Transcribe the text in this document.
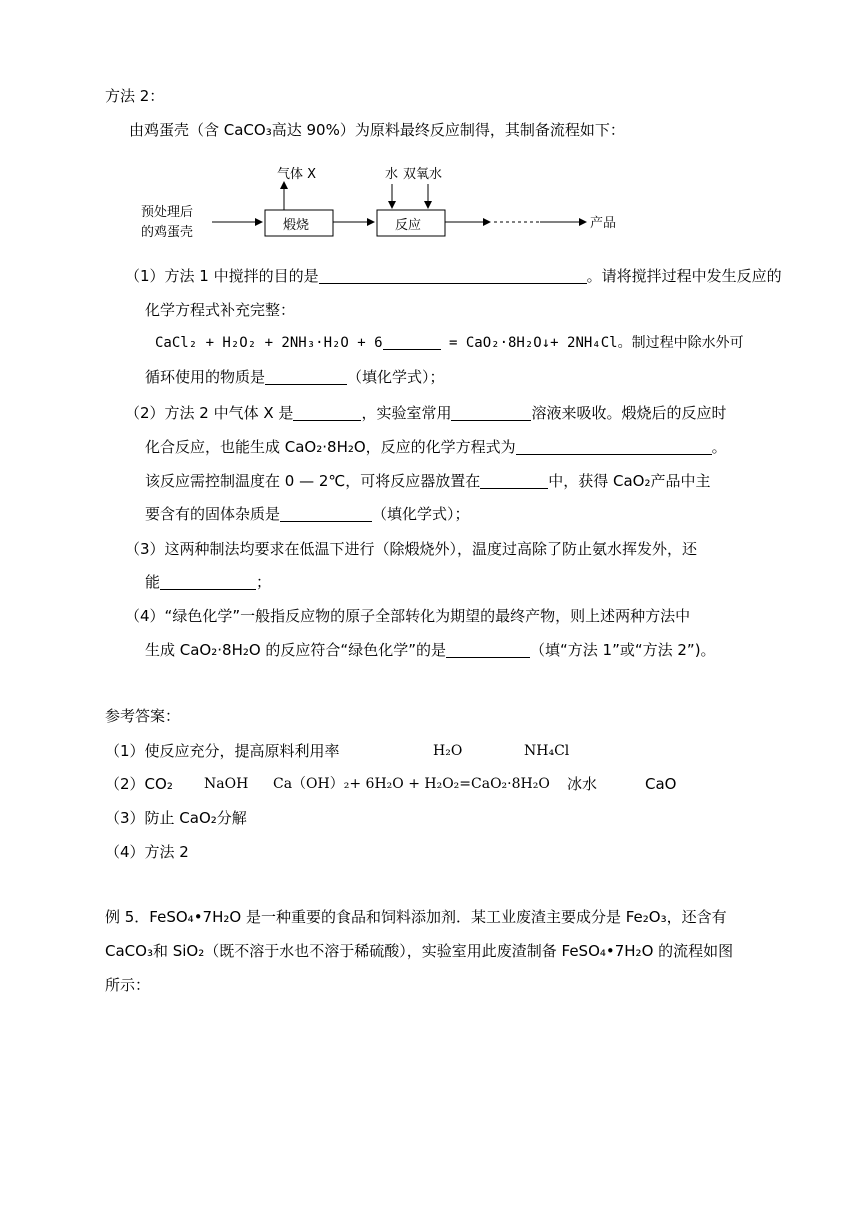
方法 2：
由鸡蛋壳（含 CaCO₃高达 90%）为原料最终反应制得，其制备流程如下：
预处理后
的鸡蛋壳	煅烧
气体 X
反应
水 双氧水
产品
（1）方法 1 中搅拌的目的是	。请将搅拌过程中发生反应的
化学方程式补充完整：
CaCl₂ + H₂O₂ + 2NH₃·H₂O + 6	= CaO₂·8H₂O↓+ 2NH₄Cl。制过程中除水外可
循环使用的物质是	（填化学式）；
（2）方法 2 中气体 X 是	，实验室常用	溶液来吸收。煅烧后的反应时
化合反应，也能生成 CaO₂·8H₂O，反应的化学方程式为	。
该反应需控制温度在 0 — 2℃，可将反应器放置在	中，获得 CaO₂产品中主
要含有的固体杂质是	（填化学式）；
（3）这两种制法均要求在低温下进行（除煅烧外），温度过高除了防止氨水挥发外，还
能	；
（4）“绿色化学”一般指反应物的原子全部转化为期望的最终产物，则上述两种方法中
生成 CaO₂·8H₂O 的反应符合“绿色化学”的是	（填“方法 1”或“方法 2”)。
参考答案：
（1）使反应充分，提高原料利用率	H₂O	NH₄Cl
（2）CO₂ NaOH Ca（OH）₂+ 6H₂O + H₂O₂=CaO₂·8H₂O 冰水	CaO
（3）防止 CaO₂分解
（4）方法 2
例 5．FeSO₄•7H₂O 是一种重要的食品和饲料添加剂．某工业废渣主要成分是 Fe₂O₃，还含有
CaCO₃和 SiO₂（既不溶于水也不溶于稀硫酸），实验室用此废渣制备 FeSO₄•7H₂O 的流程如图
所示：
